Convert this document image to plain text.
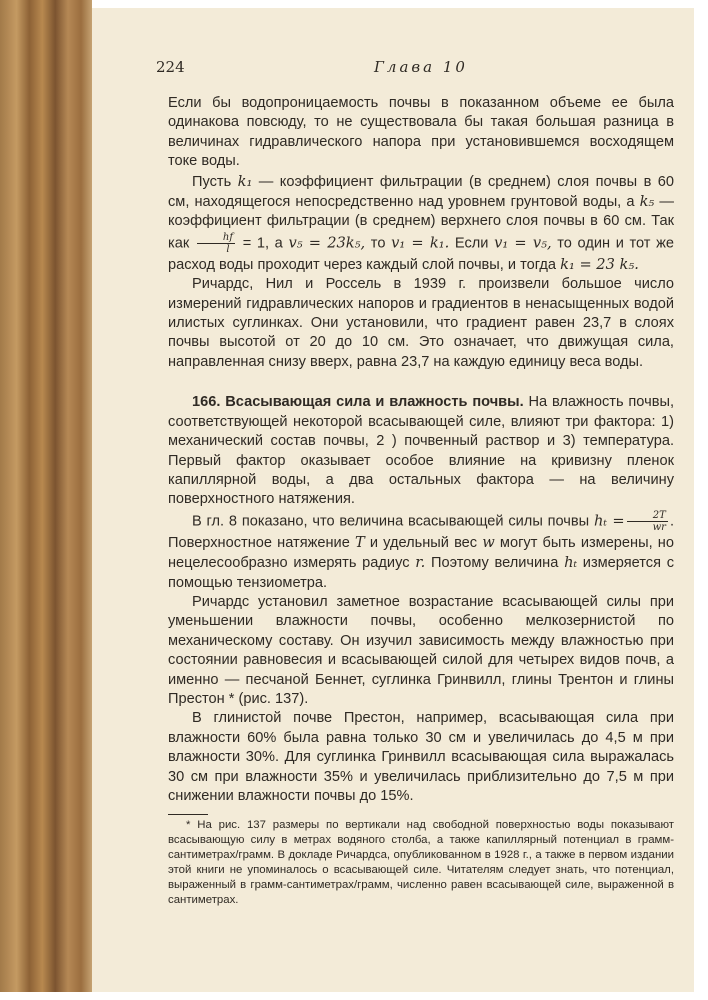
224	Глава 10

Если бы водопроницаемость почвы в показанном объеме ее была одинакова повсюду, то не существовала бы такая большая разница в величинах гидравлического напора при установившемся восходящем токе воды.

Пусть k₁ — коэффициент фильтрации (в среднем) слоя почвы в 60 см, находящегося непосредственно над уровнем грунтовой воды, а k₅ — коэффициент фильтрации (в среднем) верхнего слоя почвы в 60 см. Так как $\frac{hf}{l} = 1$, а v₅ = 23k₅, то v₁ = k₁. Если v₁ = v₅, то один и тот же расход воды проходит через каждый слой почвы, и тогда k₁ = 23 k₅.

Ричардс, Нил и Россель в 1939 г. произвели большое число измерений гидравлических напоров и градиентов в ненасыщенных водой илистых суглинках. Они установили, что градиент равен 23,7 в слоях почвы высотой от 20 до 10 см. Это означает, что движущая сила, направленная снизу вверх, равна 23,7 на каждую единицу веса воды.

166. Всасывающая сила и влажность почвы. На влажность почвы, соответствующей некоторой всасывающей силе, влияют три фактора: 1) механический состав почвы, 2 ) почвенный раствор и 3) температура. Первый фактор оказывает особое влияние на кривизну пленок капиллярной воды, а два остальных фактора — на величину поверхностного натяжения.

В гл. 8 показано, что величина всасывающей силы почвы $h_t = \frac{2T}{wr}$ . Поверхностное натяжение T и удельный вес w могут быть измерены, но нецелесообразно измерять радиус r. Поэтому величина hₜ измеряется с помощью тензиометра.

Ричардс установил заметное возрастание всасывающей силы при уменьшении влажности почвы, особенно мелкозернистой по механическому составу. Он изучил зависимость между влажностью при состоянии равновесия и всасывающей силой для четырех видов почв, а именно — песчаной Беннет, суглинка Гринвилл, глины Трентон и глины Престон * (рис. 137).

В глинистой почве Престон, например, всасывающая сила при влажности 60% была равна только 30 см и увеличилась до 4,5 м при влажности 30%. Для суглинка Гринвилл всасывающая сила выражалась 30 см при влажности 35% и увеличилась приблизительно до 7,5 м при снижении влажности почвы до 15%.

* На рис. 137 размеры по вертикали над свободной поверхностью воды показывают всасывающую силу в метрах водяного столба, а также капиллярный потенциал в грамм-сантиметрах/грамм. В докладе Ричардса, опубликованном в 1928 г., а также в первом издании этой книги не упоминалось о всасывающей силе. Читателям следует знать, что потенциал, выраженный в грамм-сантиметрах/грамм, численно равен всасывающей силе, выраженной в сантиметрах.
